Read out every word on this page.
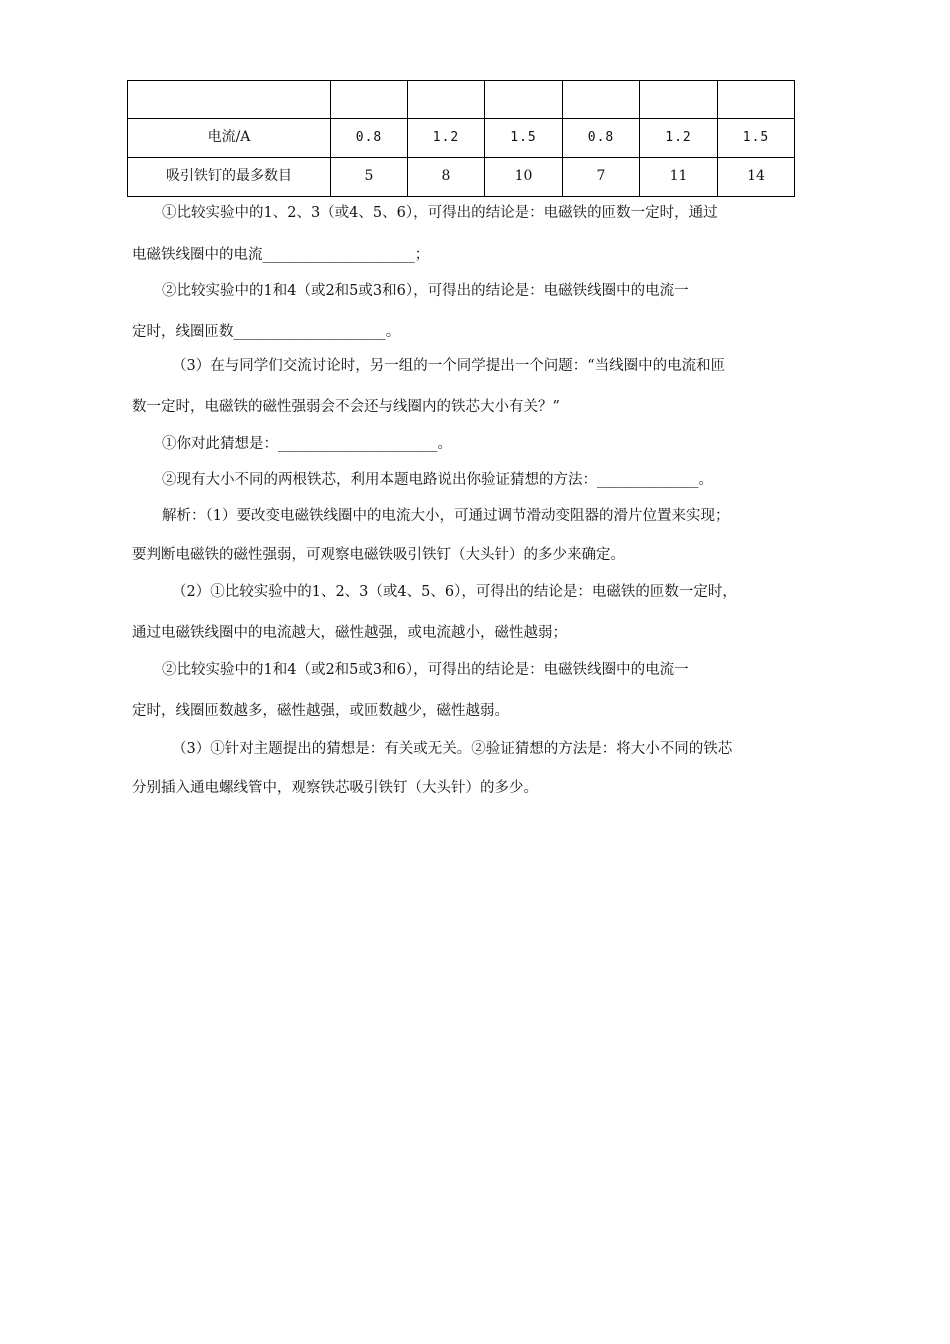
电流/A	0.8	1.2	1.5	0.8	1.2	1.5
吸引铁钉的最多数目	5	8	10	7	11	14
①比较实验中的1、2、3（或4、5、6），可得出的结论是：电磁铁的匝数一定时，通过
电磁铁线圈中的电流_____________________；
②比较实验中的1和4（或2和5或3和6），可得出的结论是：电磁铁线圈中的电流一
定时，线圈匝数_____________________。
（3）在与同学们交流讨论时，另一组的一个同学提出一个问题：“当线圈中的电流和匝
数一定时，电磁铁的磁性强弱会不会还与线圈内的铁芯大小有关？”
①你对此猜想是：______________________。
②现有大小不同的两根铁芯，利用本题电路说出你验证猜想的方法：______________。
解析：（1）要改变电磁铁线圈中的电流大小，可通过调节滑动变阻器的滑片位置来实现；
要判断电磁铁的磁性强弱，可观察电磁铁吸引铁钉（大头针）的多少来确定。
（2）①比较实验中的1、2、3（或4、5、6），可得出的结论是：电磁铁的匝数一定时，
通过电磁铁线圈中的电流越大，磁性越强，或电流越小，磁性越弱；
②比较实验中的1和4（或2和5或3和6），可得出的结论是：电磁铁线圈中的电流一
定时，线圈匝数越多，磁性越强，或匝数越少，磁性越弱。
（3）①针对主题提出的猜想是：有关或无关。②验证猜想的方法是：将大小不同的铁芯
分别插入通电螺线管中，观察铁芯吸引铁钉（大头针）的多少。
